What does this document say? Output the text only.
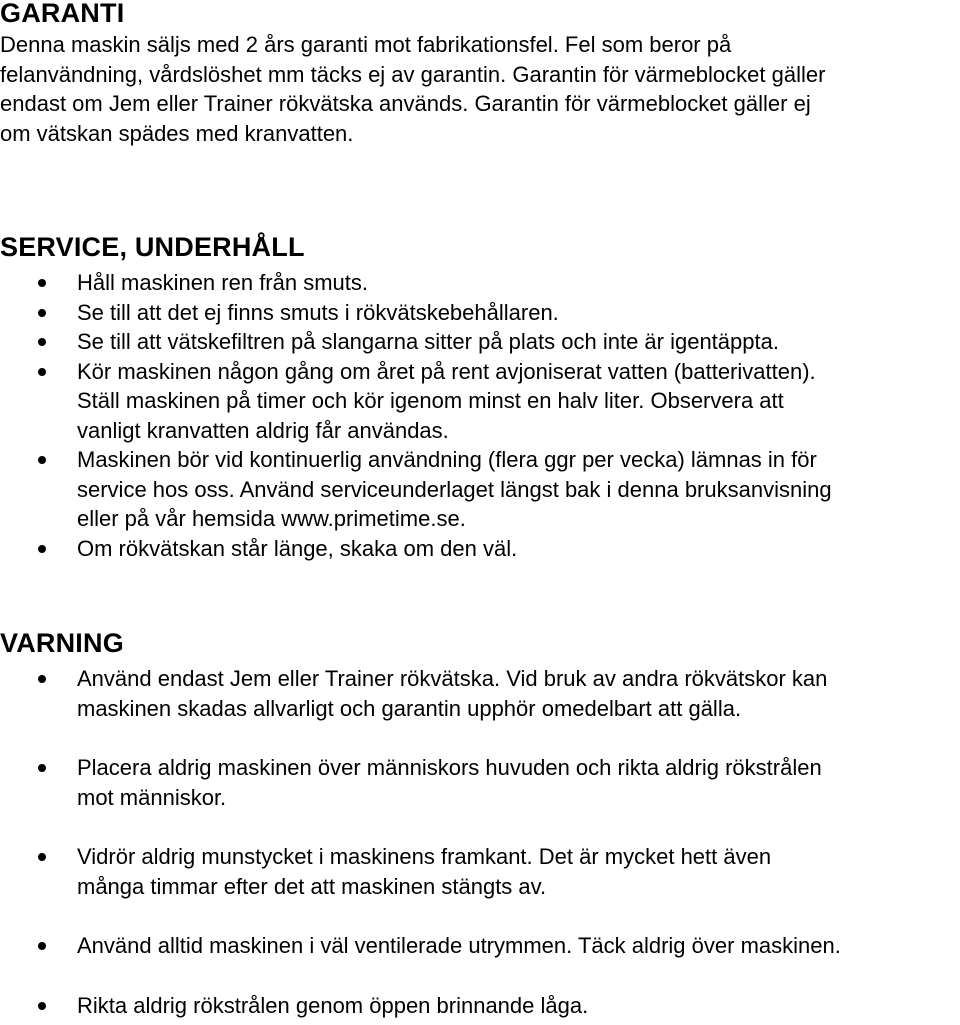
GARANTI

Denna maskin säljs med 2 års garanti mot fabrikationsfel. Fel som beror på
felanvändning, vårdslöshet mm täcks ej av garantin. Garantin för värmeblocket gäller
endast om Jem eller Trainer rökvätska används. Garantin för värmeblocket gäller ej
om vätskan spädes med kranvatten.

SERVICE, UNDERHÅLL
Håll maskinen ren från smuts.
Se till att det ej finns smuts i rökvätskebehållaren.
Se till att vätskefiltren på slangarna sitter på plats och inte är igentäppta.
Kör maskinen någon gång om året på rent avjoniserat vatten (batterivatten).
Ställ maskinen på timer och kör igenom minst en halv liter. Observera att
vanligt kranvatten aldrig får användas.
Maskinen bör vid kontinuerlig användning (flera ggr per vecka) lämnas in för
service hos oss. Använd serviceunderlaget längst bak i denna bruksanvisning
eller på vår hemsida www.primetime.se.
Om rökvätskan står länge, skaka om den väl.
VARNING
Använd endast Jem eller Trainer rökvätska. Vid bruk av andra rökvätskor kan
maskinen skadas allvarligt och garantin upphör omedelbart att gälla.
Placera aldrig maskinen över människors huvuden och rikta aldrig rökstrålen
mot människor.
Vidrör aldrig munstycket i maskinens framkant. Det är mycket hett även
många timmar efter det att maskinen stängts av.
Använd alltid maskinen i väl ventilerade utrymmen. Täck aldrig över maskinen.
Rikta aldrig rökstrålen genom öppen brinnande låga.
